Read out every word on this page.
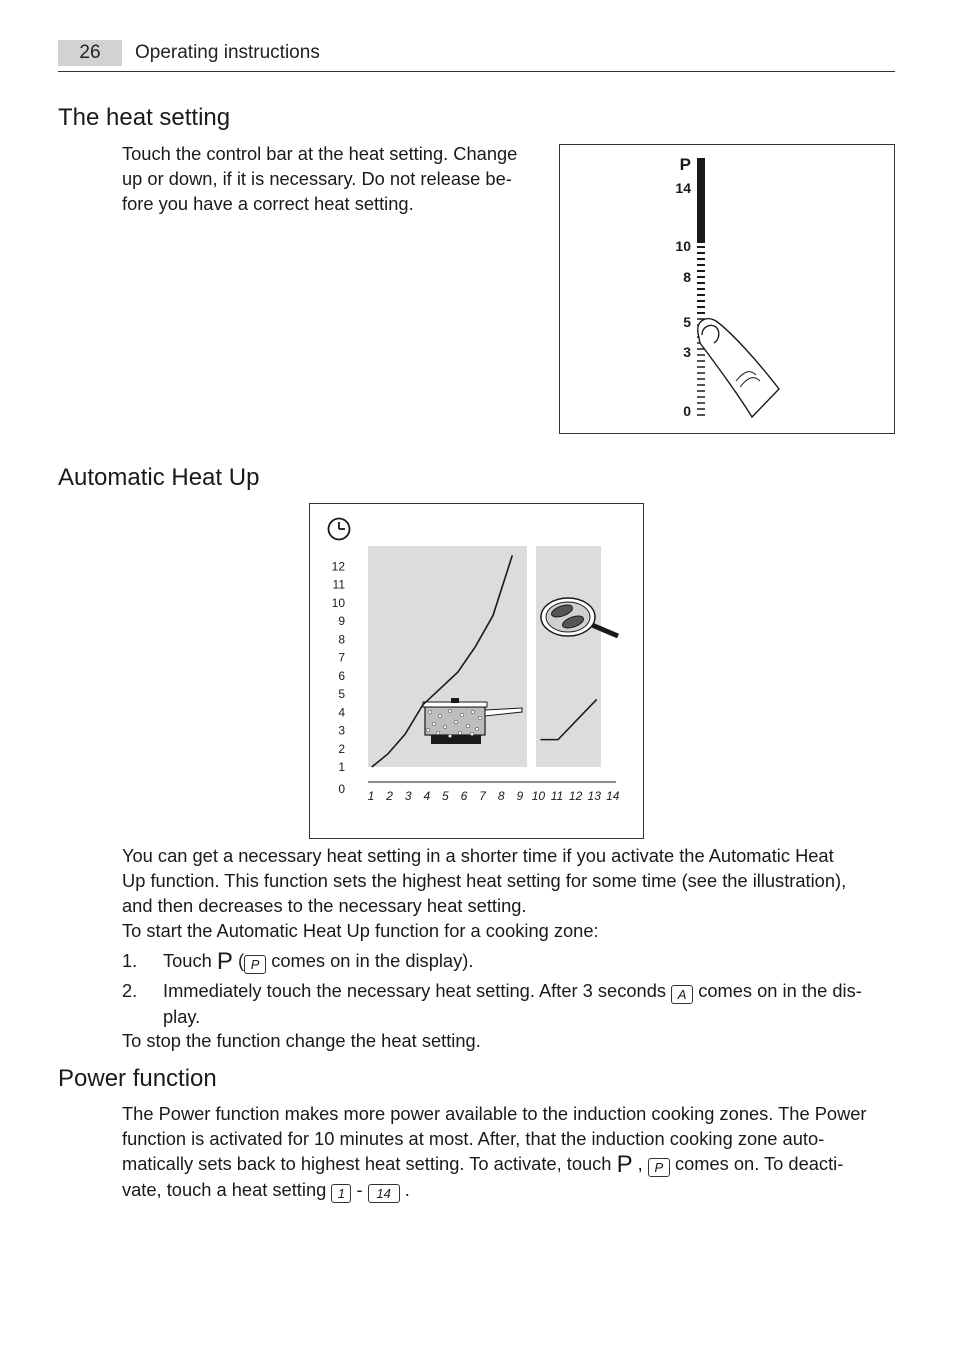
26	Operating instructions
The heat setting
Touch the control bar at the heat setting. Change
up or down, if it is necessary. Do not release be-
fore you have a correct heat setting.
P
14
10
8
5
3
0
Automatic Heat Up
12
11
10
9
8
7
6
5
4
3
2
1
0 1 2 3 4 5 6 7 8 9 10 11 12 13 14
You can get a necessary heat setting in a shorter time if you activate the Automatic Heat
Up function. This function sets the highest heat setting for some time (see the illustration),
and then decreases to the necessary heat setting.
To start the Automatic Heat Up function for a cooking zone:
1. Touch P ( P comes on in the display).
2. Immediately touch the necessary heat setting. After 3 seconds A comes on in the dis-
play.
To stop the function change the heat setting.
Power function
The Power function makes more power available to the induction cooking zones. The Power
function is activated for 10 minutes at most. After, that the induction cooking zone auto-
matically sets back to highest heat setting. To activate, touch P , P comes on. To deacti-
vate, touch a heat setting 1 - 14 .
